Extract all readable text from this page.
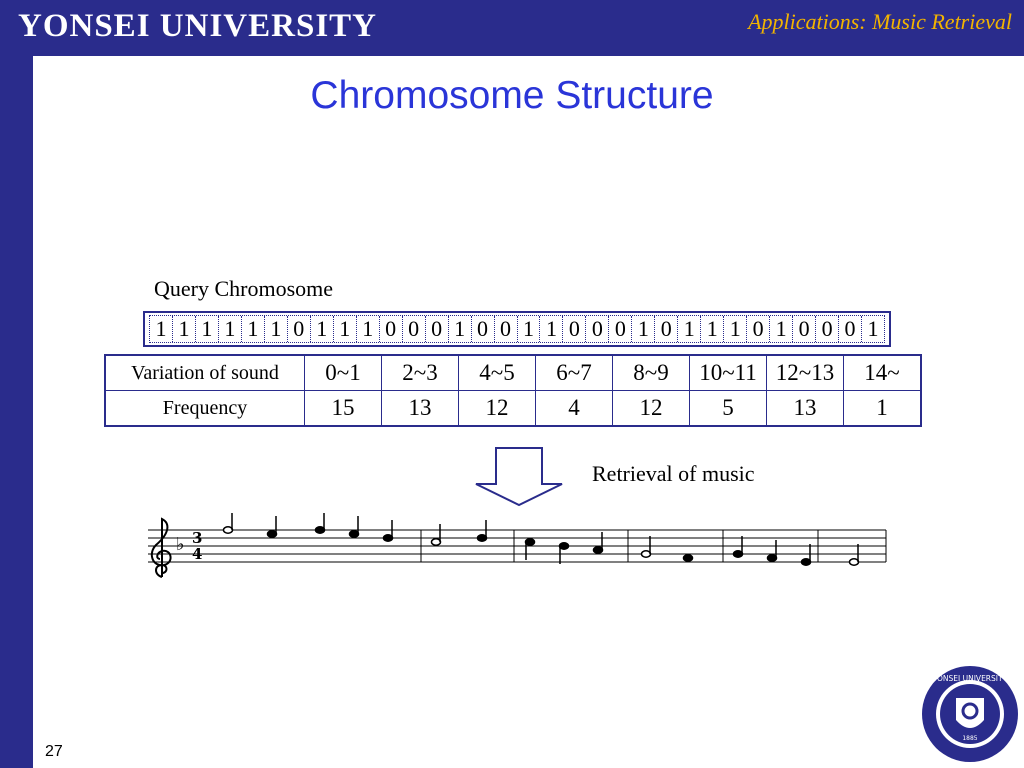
YONSEI UNIVERSITY	Applications: Music Retrieval
Chromosome Structure
Query Chromosome
1 1 1 1 1 1 0 1 1 1 0 0 0 1 0 0 1 1 0 0 0 1 0 1 1 1 0 1 0 0 0 1
Variation of sound	0~1	2~3	4~5	6~7	8~9	10~11	12~13	14~
Frequency	15	13	12	4	12	5	13	1
Retrieval of music
♭ 3
4
YONSEI UNIVERSITY
1885
27
